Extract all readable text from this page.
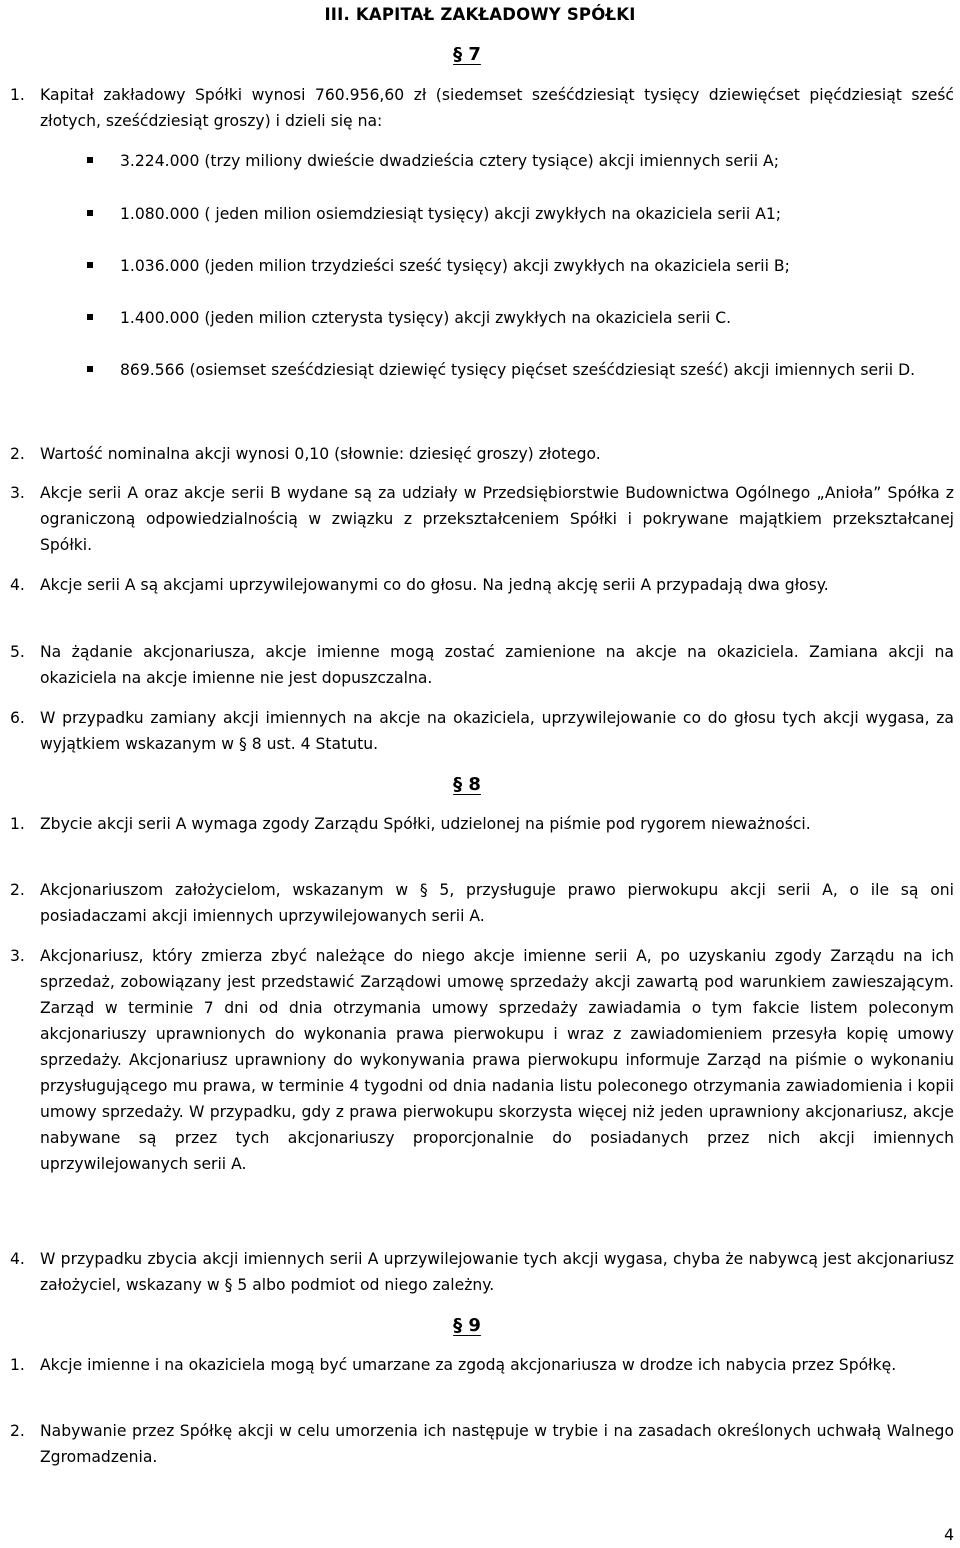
III. KAPITAŁ ZAKŁADOWY SPÓŁKI
§ 7
1. Kapitał zakładowy Spółki wynosi 760.956,60 zł (siedemset sześćdziesiąt tysięcy dziewięćset pięćdziesiąt sześć złotych, sześćdziesiąt groszy) i dzieli się na:
3.224.000 (trzy miliony dwieście dwadzieścia cztery tysiące) akcji imiennych serii A;
1.080.000 ( jeden milion osiemdziesiąt tysięcy) akcji zwykłych na okaziciela serii A1;
1.036.000 (jeden milion trzydzieści sześć tysięcy) akcji zwykłych na okaziciela serii B;
1.400.000 (jeden milion czterysta tysięcy) akcji zwykłych na okaziciela serii C.
869.566 (osiemset sześćdziesiąt dziewięć tysięcy pięćset sześćdziesiąt sześć) akcji imiennych serii D.
2. Wartość nominalna akcji wynosi 0,10 (słownie: dziesięć groszy) złotego.
3. Akcje serii A oraz akcje serii B wydane są za udziały w Przedsiębiorstwie Budownictwa Ogólnego „Anioła” Spółka z ograniczoną odpowiedzialnością w związku z przekształceniem Spółki i pokrywane majątkiem przekształcanej Spółki.
4. Akcje serii A są akcjami uprzywilejowanymi co do głosu. Na jedną akcję serii A przypadają dwa głosy.
5. Na żądanie akcjonariusza, akcje imienne mogą zostać zamienione na akcje na okaziciela. Zamiana akcji na okaziciela na akcje imienne nie jest dopuszczalna.
6. W przypadku zamiany akcji imiennych na akcje na okaziciela, uprzywilejowanie co do głosu tych akcji wygasa, za wyjątkiem wskazanym w § 8 ust. 4 Statutu.
§ 8
1. Zbycie akcji serii A wymaga zgody Zarządu Spółki, udzielonej na piśmie pod rygorem nieważności.
2. Akcjonariuszom założycielom, wskazanym w § 5, przysługuje prawo pierwokupu akcji serii A, o ile są oni posiadaczami akcji imiennych uprzywilejowanych serii A.
3. Akcjonariusz, który zmierza zbyć należące do niego akcje imienne serii A, po uzyskaniu zgody Zarządu na ich sprzedaż, zobowiązany jest przedstawić Zarządowi umowę sprzedaży akcji zawartą pod warunkiem zawieszającym. Zarząd w terminie 7 dni od dnia otrzymania umowy sprzedaży zawiadamia o tym fakcie listem poleconym akcjonariuszy uprawnionych do wykonania prawa pierwokupu i wraz z zawiadomieniem przesyła kopię umowy sprzedaży. Akcjonariusz uprawniony do wykonywania prawa pierwokupu informuje Zarząd na piśmie o wykonaniu przysługującego mu prawa, w terminie 4 tygodni od dnia nadania listu poleconego otrzymania zawiadomienia i kopii umowy sprzedaży. W przypadku, gdy z prawa pierwokupu skorzysta więcej niż jeden uprawniony akcjonariusz, akcje nabywane są przez tych akcjonariuszy proporcjonalnie do posiadanych przez nich akcji imiennych uprzywilejowanych serii A.
4. W przypadku zbycia akcji imiennych serii A uprzywilejowanie tych akcji wygasa, chyba że nabywcą jest akcjonariusz założyciel, wskazany w § 5 albo podmiot od niego zależny.
§ 9
1. Akcje imienne i na okaziciela mogą być umarzane za zgodą akcjonariusza w drodze ich nabycia przez Spółkę.
2. Nabywanie przez Spółkę akcji w celu umorzenia ich następuje w trybie i na zasadach określonych uchwałą Walnego Zgromadzenia.
4
